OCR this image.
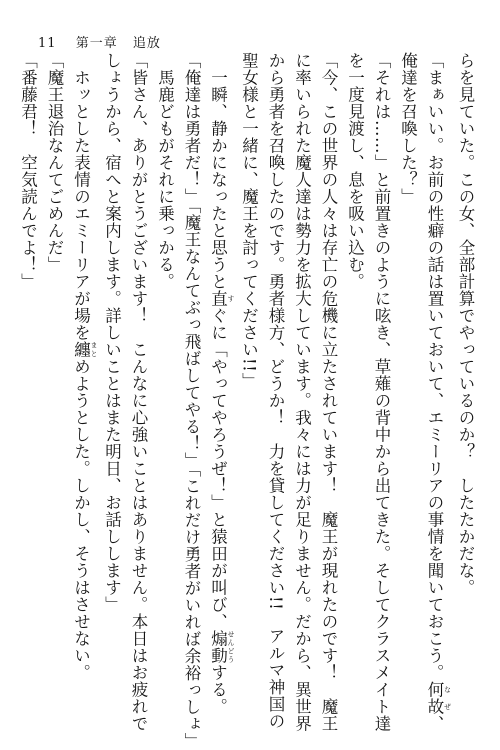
11 第一章 追放

らを見ていた。この女、全部計算でやっているのか？　したたかだな。

「まぁいい。お前の性癖の話は置いておいて、エミーリアの事情を聞いておこう。何故 なぜ、

俺達を召喚した？」

「それは……」と前置きのように呟き、草薙の背中から出てきた。そしてクラスメイト達

を一度見渡し、息を吸い込む。

「今、この世界の人々は存亡の危機に立たされています！　魔王が現れたのです！　魔王

に率いられた魔人達は勢力を拡大しています。我々には力が足りません。だから、異世界

から勇者を召喚したのです。勇者様方、どうか！　力を貸してください!!　アルマ神国の

聖女様と一緒に、魔王を討ってください!!」

一瞬、静かになったと思うと直 すぐに「やってやろうぜ！」と猿田が叫び、煽動 せんどうする。

「俺達は勇者だ！」「魔王なんてぶっ飛ばしてやる！」「これだけ勇者がいれば余裕っしょ」

馬鹿どもがそれに乗っかる。

「皆さん、ありがとうございます！　こんなに心強いことはありません。本日はお疲れで

しょうから、宿へと案内します。詳しいことはまた明日、お話しします」

ホッとした表情のエミーリアが場を纏 まとめようとした。しかし、そうはさせない。

「魔王退治なんてごめんだ」

「番藤君！　空気読んでよ！」
